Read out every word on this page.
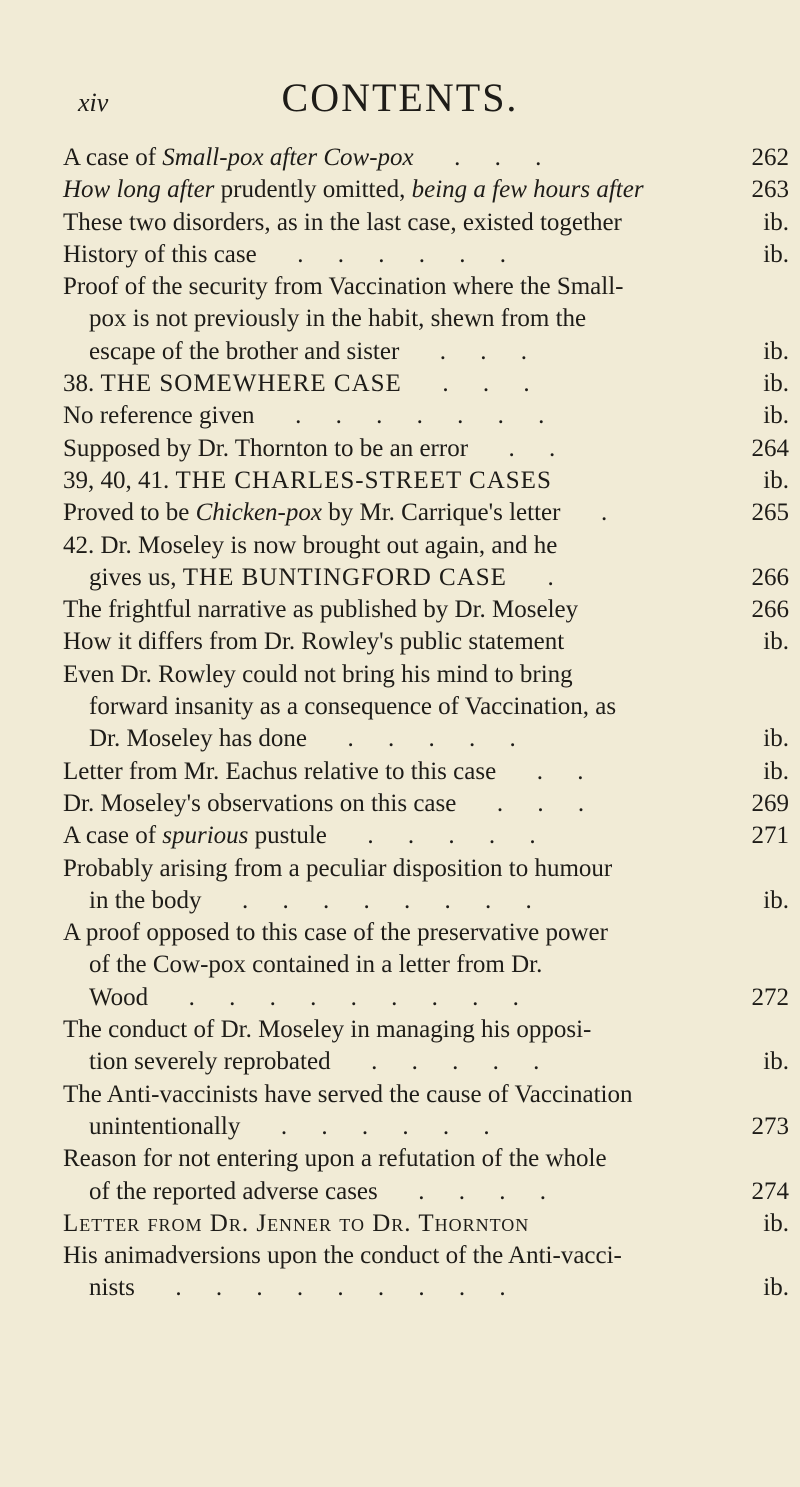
xiv	CONTENTS.
A case of Small-pox after Cow-pox  . . .	262
How long after prudently omitted, being a few hours after	263
These two disorders, as in the last case, existed together	ib.
History of this case  . . . . . .	ib.
Proof of the security from Vaccination where the Small-
pox is not previously in the habit, shewn from the
escape of the brother and sister  . . .	ib.
38. THE SOMEWHERE CASE  . . .	ib.
No reference given  . . . . . . .	ib.
Supposed by Dr. Thornton to be an error  . .	264
39, 40, 41. THE CHARLES-STREET CASES	ib.
Proved to be Chicken-pox by Mr. Carrique's letter  .	265
42. Dr. Moseley is now brought out again, and he
gives us, THE BUNTINGFORD CASE  .	266
The frightful narrative as published by Dr. Moseley	266
How it differs from Dr. Rowley's public statement	ib.
Even Dr. Rowley could not bring his mind to bring
forward insanity as a consequence of Vaccination, as
Dr. Moseley has done  . . . . .	ib.
Letter from Mr. Eachus relative to this case  . .	ib.
Dr. Moseley's observations on this case  . . .	269
A case of spurious pustule  . . . . .	271
Probably arising from a peculiar disposition to humour
in the body  . . . . . . . .	ib.
A proof opposed to this case of the preservative power
of the Cow-pox contained in a letter from Dr.
Wood  . . . . . . . . .	272
The conduct of Dr. Moseley in managing his opposi-
tion severely reprobated  . . . . .	ib.
The Anti-vaccinists have served the cause of Vaccination
unintentionally  . . . . . .	273
Reason for not entering upon a refutation of the whole
of the reported adverse cases  . . . .	274
Letter from Dr. Jenner to Dr. Thornton	ib.
His animadversions upon the conduct of the Anti-vacci-
nists  . . . . . . . . .	ib.
